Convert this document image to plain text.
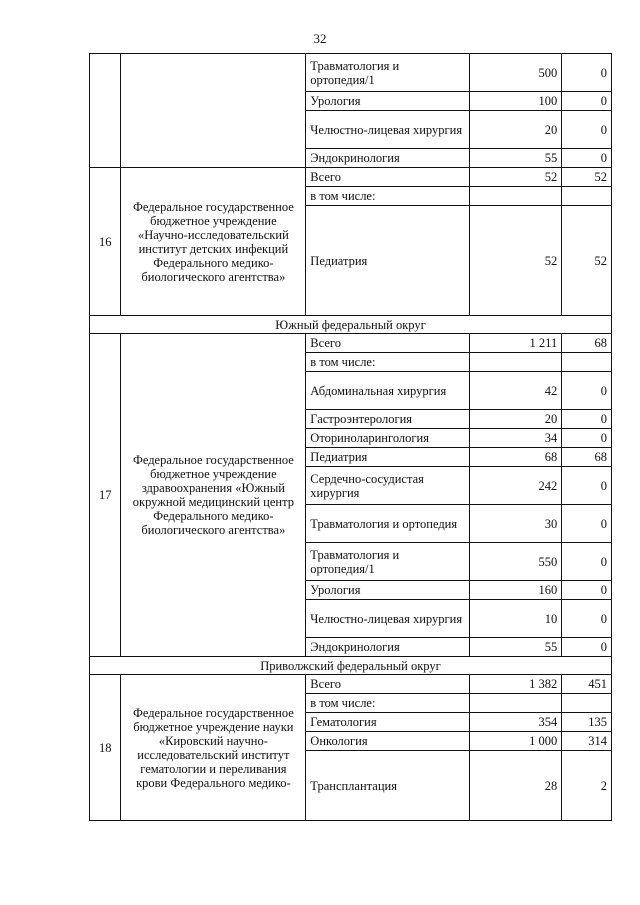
32
		Травматология и ортопедия/1	500	0
		Урология	100	0
		Челюстно-лицевая хирургия	20	0
		Эндокринология	55	0
16	Федеральное государственное бюджетное учреждение «Научно-исследовательский институт детских инфекций Федерального медико-биологического агентства»	Всего	52	52
		в том числе:		
		Педиатрия	52	52
Южный федеральный округ				
17	Федеральное государственное бюджетное учреждение здравоохранения «Южный окружной медицинский центр Федерального медико-биологического агентства»	Всего	1 211	68
		в том числе:		
		Абдоминальная хирургия	42	0
		Гастроэнтерология	20	0
		Оториноларингология	34	0
		Педиатрия	68	68
		Сердечно-сосудистая хирургия	242	0
		Травматология и ортопедия	30	0
		Травматология и ортопедия/1	550	0
		Урология	160	0
		Челюстно-лицевая хирургия	10	0
		Эндокринология	55	0
Приволжский федеральный округ				
18	Федеральное государственное бюджетное учреждение науки «Кировский научно-исследовательский институт гематологии и переливания крови Федерального медико-	Всего	1 382	451
		в том числе:		
		Гематология	354	135
		Онкология	1 000	314
		Трансплантация	28	2
